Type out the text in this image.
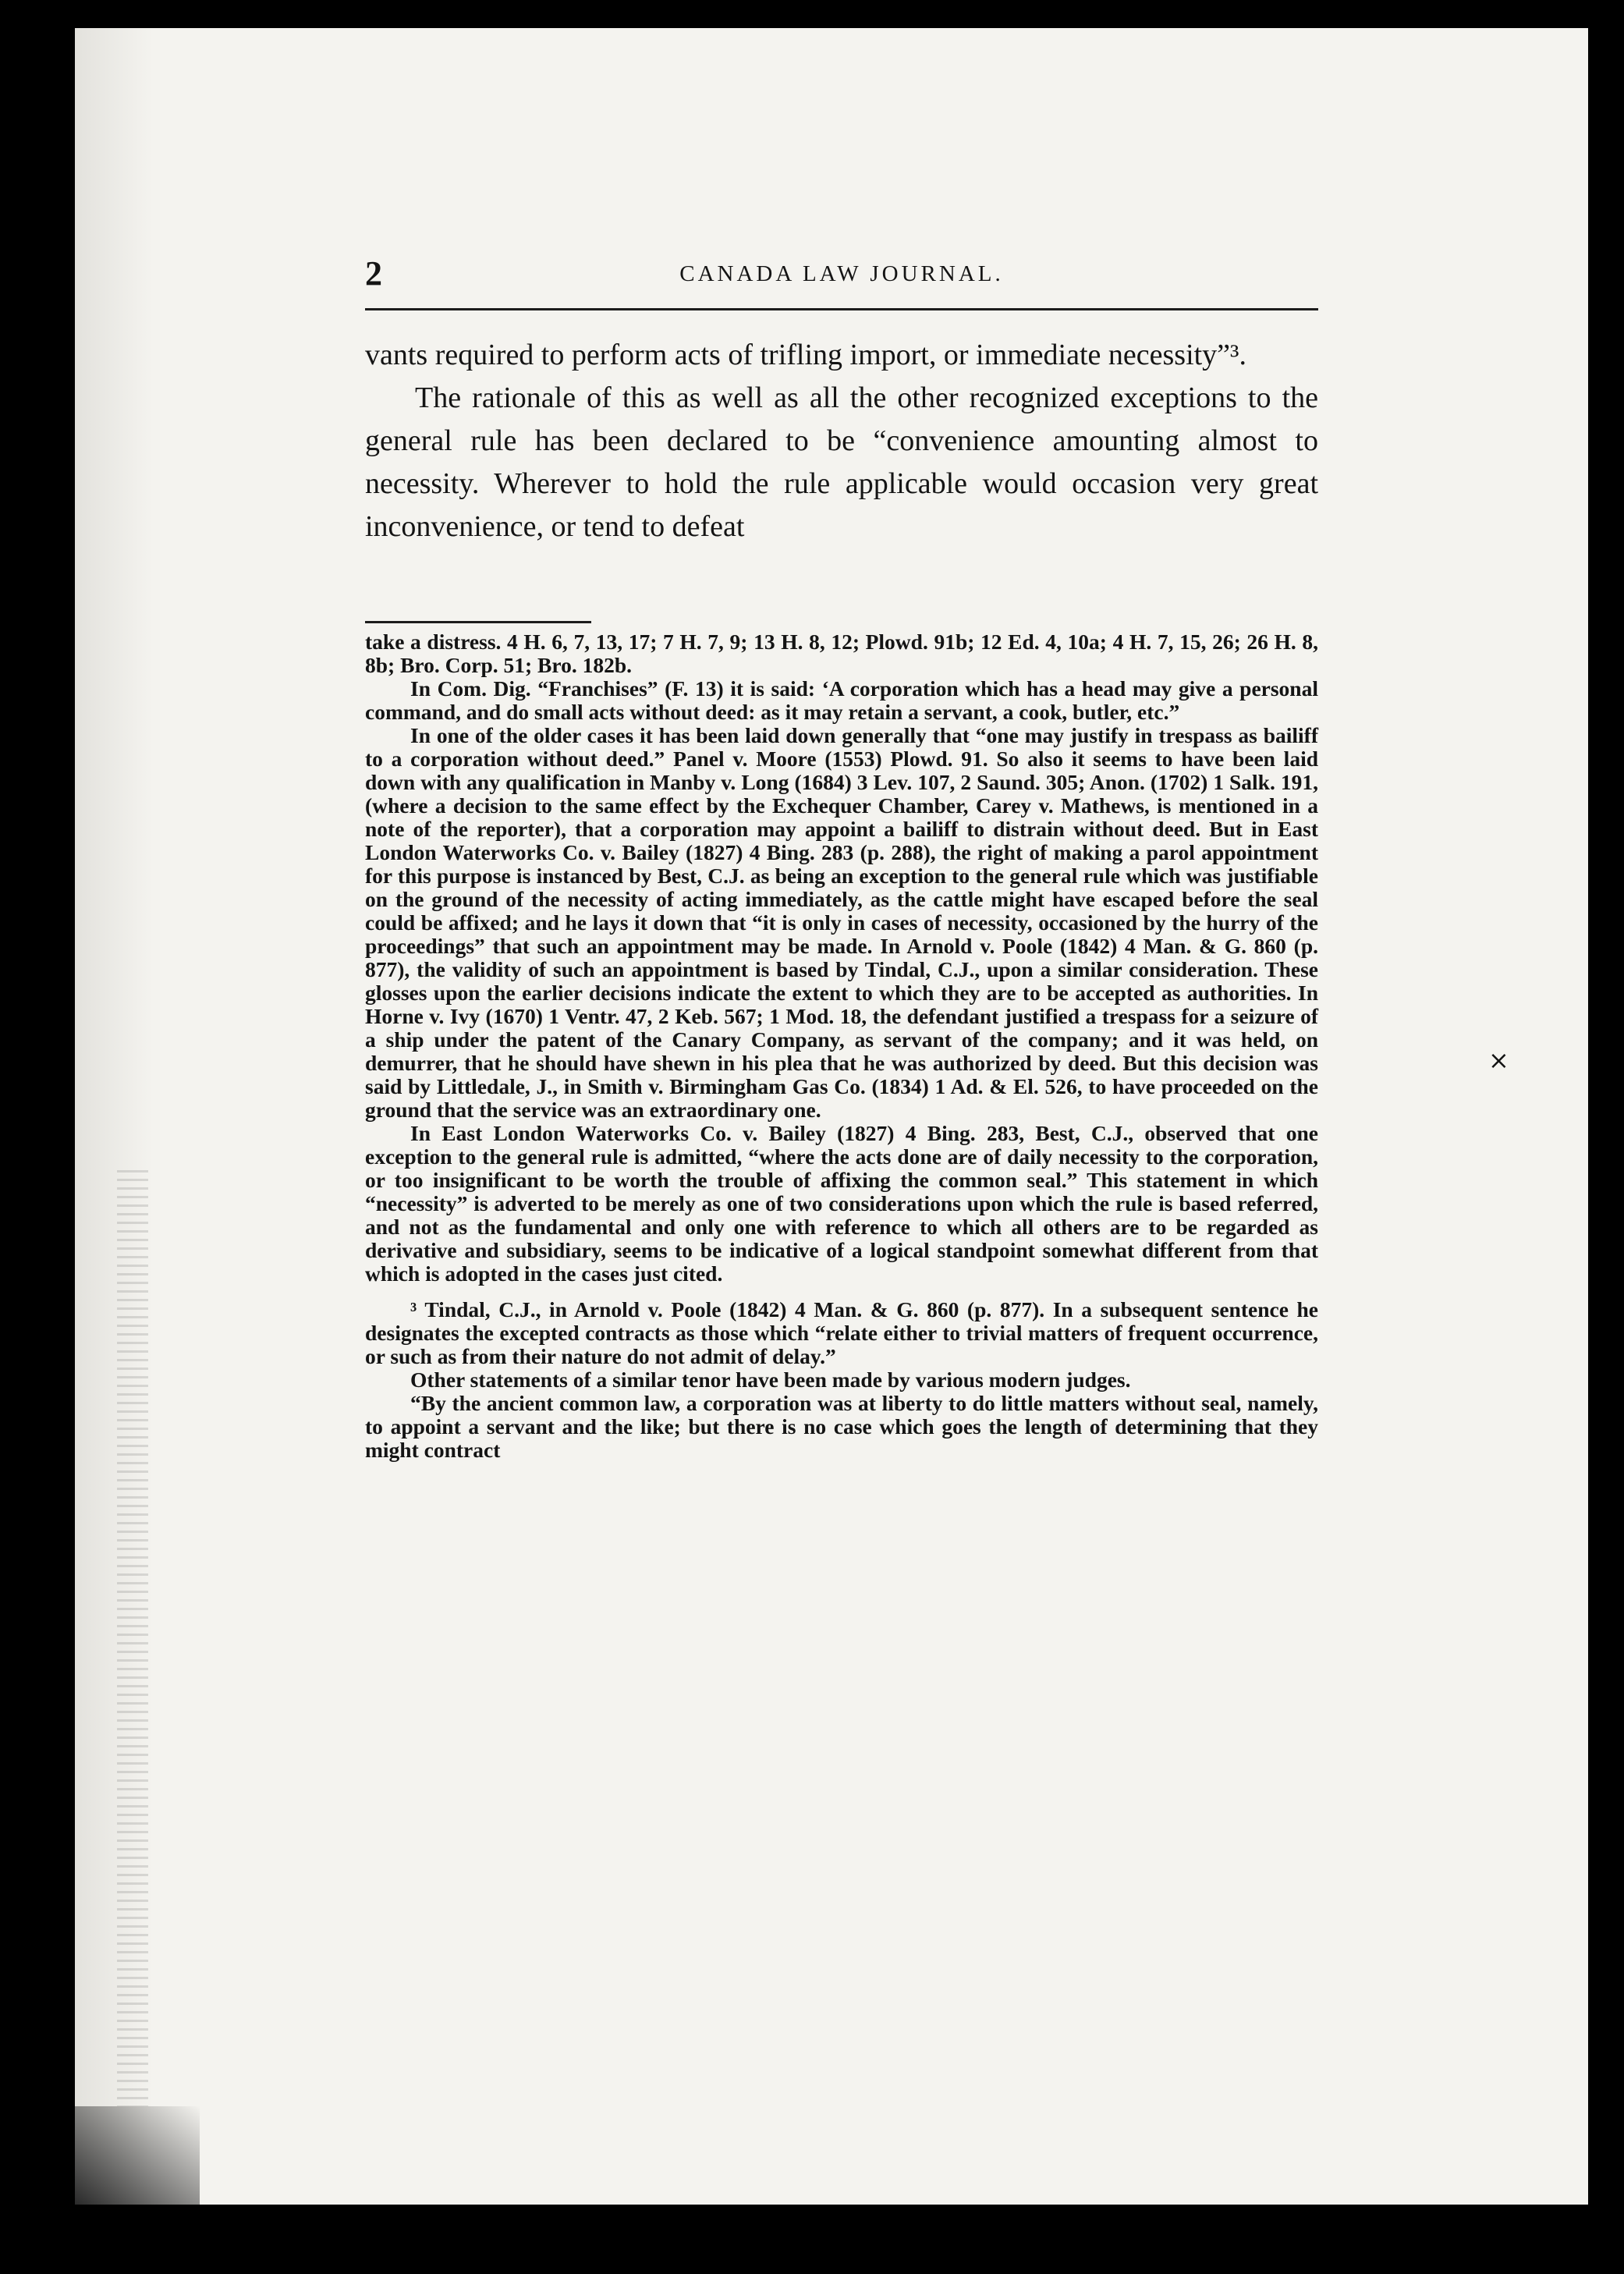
2	CANADA LAW JOURNAL.

vants required to perform acts of trifling import, or immediate necessity”³.

The rationale of this as well as all the other recognized exceptions to the general rule has been declared to be “convenience amounting almost to necessity. Wherever to hold the rule applicable would occasion very great inconvenience, or tend to defeat

take a distress. 4 H. 6, 7, 13, 17; 7 H. 7, 9; 13 H. 8, 12; Plowd. 91b; 12 Ed. 4, 10a; 4 H. 7, 15, 26; 26 H. 8, 8b; Bro. Corp. 51; Bro. 182b.

In Com. Dig. “Franchises” (F. 13) it is said: ‘A corporation which has a head may give a personal command, and do small acts without deed: as it may retain a servant, a cook, butler, etc.”

In one of the older cases it has been laid down generally that “one may justify in trespass as bailiff to a corporation without deed.” Panel v. Moore (1553) Plowd. 91. So also it seems to have been laid down with any qualification in Manby v. Long (1684) 3 Lev. 107, 2 Saund. 305; Anon. (1702) 1 Salk. 191, (where a decision to the same effect by the Exchequer Chamber, Carey v. Mathews, is mentioned in a note of the reporter), that a corporation may appoint a bailiff to distrain without deed. But in East London Waterworks Co. v. Bailey (1827) 4 Bing. 283 (p. 288), the right of making a parol appointment for this purpose is instanced by Best, C.J. as being an exception to the general rule which was justifiable on the ground of the necessity of acting immediately, as the cattle might have escaped before the seal could be affixed; and he lays it down that “it is only in cases of necessity, occasioned by the hurry of the proceedings” that such an appointment may be made. In Arnold v. Poole (1842) 4 Man. & G. 860 (p. 877), the validity of such an appointment is based by Tindal, C.J., upon a similar consideration. These glosses upon the earlier decisions indicate the extent to which they are to be accepted as authorities. In Horne v. Ivy (1670) 1 Ventr. 47, 2 Keb. 567; 1 Mod. 18, the defendant justified a trespass for a seizure of a ship under the patent of the Canary Company, as servant of the company; and it was held, on demurrer, that he should have shewn in his plea that he was authorized by deed. But this decision was said by Littledale, J., in Smith v. Birmingham Gas Co. (1834) 1 Ad. & El. 526, to have proceeded on the ground that the service was an extraordinary one.

In East London Waterworks Co. v. Bailey (1827) 4 Bing. 283, Best, C.J., observed that one exception to the general rule is admitted, “where the acts done are of daily necessity to the corporation, or too insignificant to be worth the trouble of affixing the common seal.” This statement in which “necessity” is adverted to be merely as one of two considerations upon which the rule is based referred, and not as the fundamental and only one with reference to which all others are to be regarded as derivative and subsidiary, seems to be indicative of a logical standpoint somewhat different from that which is adopted in the cases just cited.

³ Tindal, C.J., in Arnold v. Poole (1842) 4 Man. & G. 860 (p. 877). In a subsequent sentence he designates the excepted contracts as those which “relate either to trivial matters of frequent occurrence, or such as from their nature do not admit of delay.”

Other statements of a similar tenor have been made by various modern judges.

“By the ancient common law, a corporation was at liberty to do little matters without seal, namely, to appoint a servant and the like; but there is no case which goes the length of determining that they might contract

⨯
